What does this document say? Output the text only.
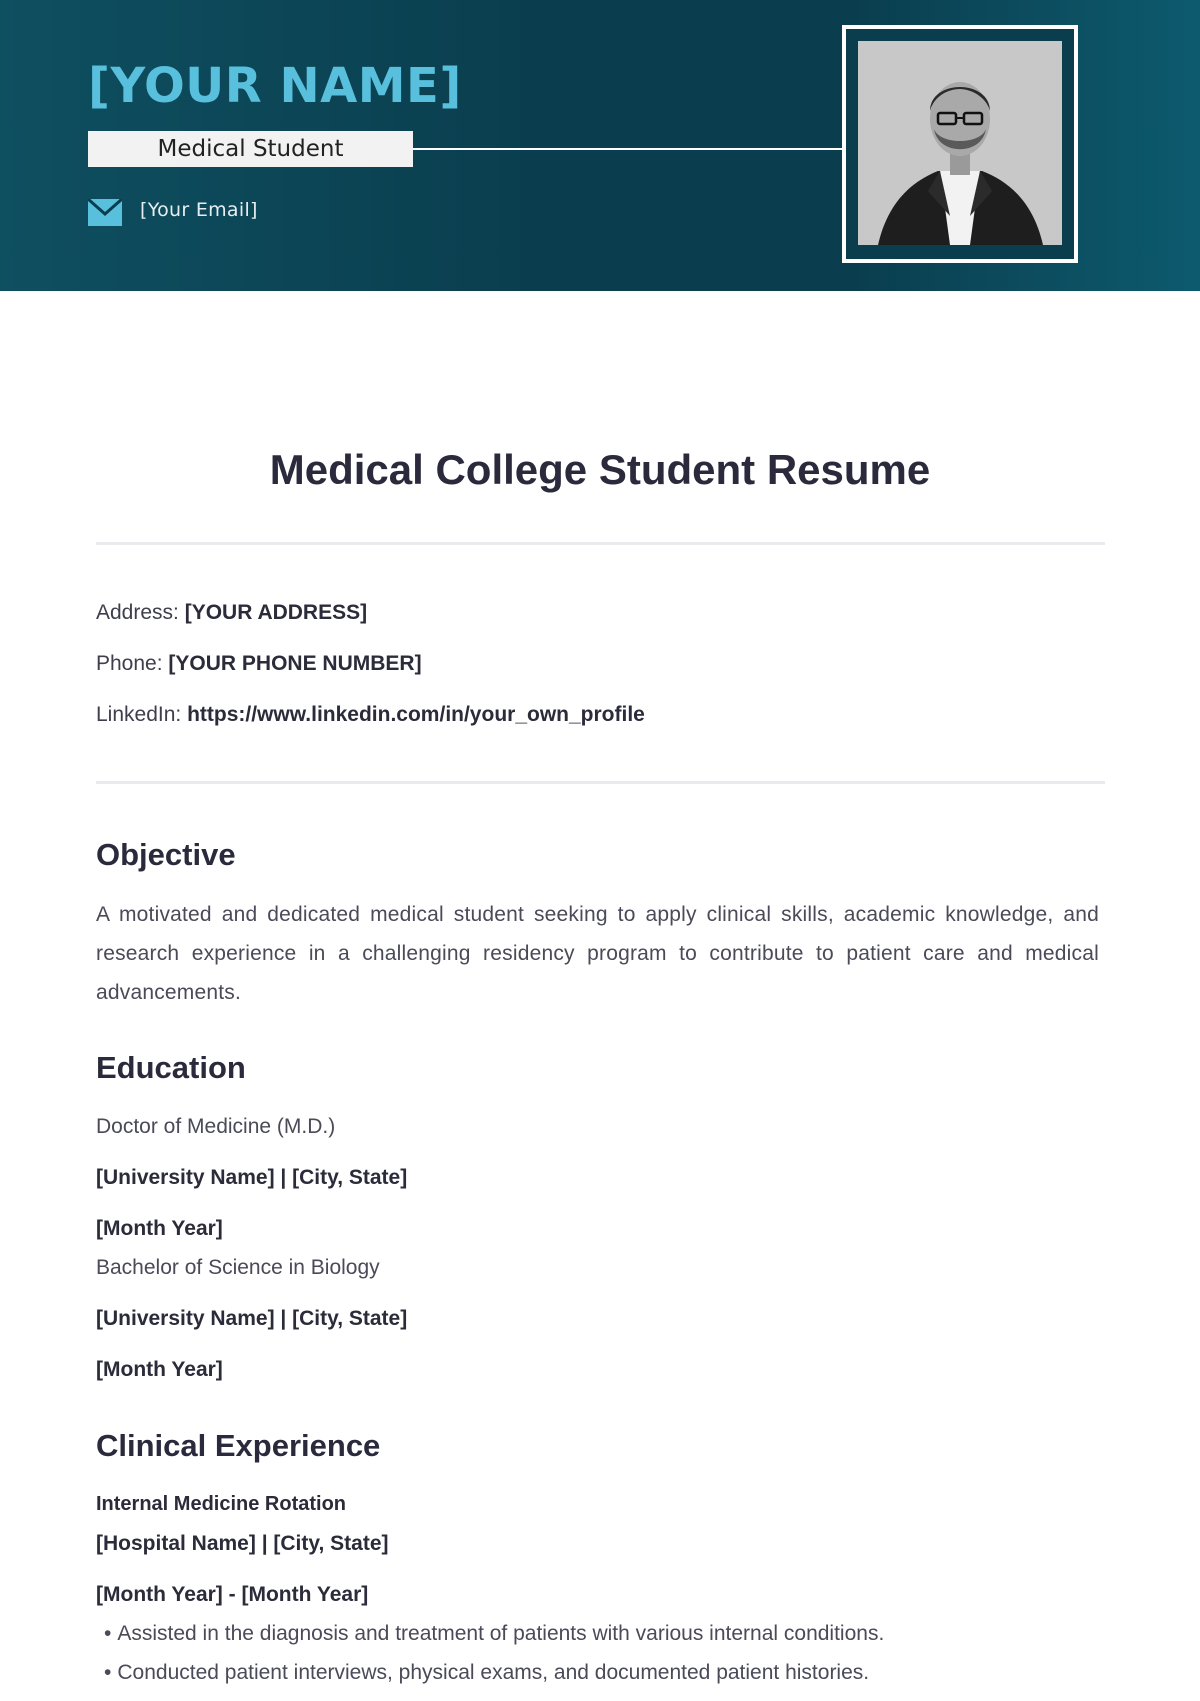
[YOUR NAME]
Medical Student
[Your Email]
Medical College Student Resume
Address: [YOUR ADDRESS]
Phone: [YOUR PHONE NUMBER]
LinkedIn: https://www.linkedin.com/in/your_own_profile
Objective
A motivated and dedicated medical student seeking to apply clinical skills, academic knowledge, and research experience in a challenging residency program to contribute to patient care and medical advancements.
Education
Doctor of Medicine (M.D.)
[University Name] | [City, State]
[Month Year]
Bachelor of Science in Biology
[University Name] | [City, State]
[Month Year]
Clinical Experience
Internal Medicine Rotation
[Hospital Name] | [City, State]
[Month Year] - [Month Year]
• Assisted in the diagnosis and treatment of patients with various internal conditions.
• Conducted patient interviews, physical exams, and documented patient histories.
